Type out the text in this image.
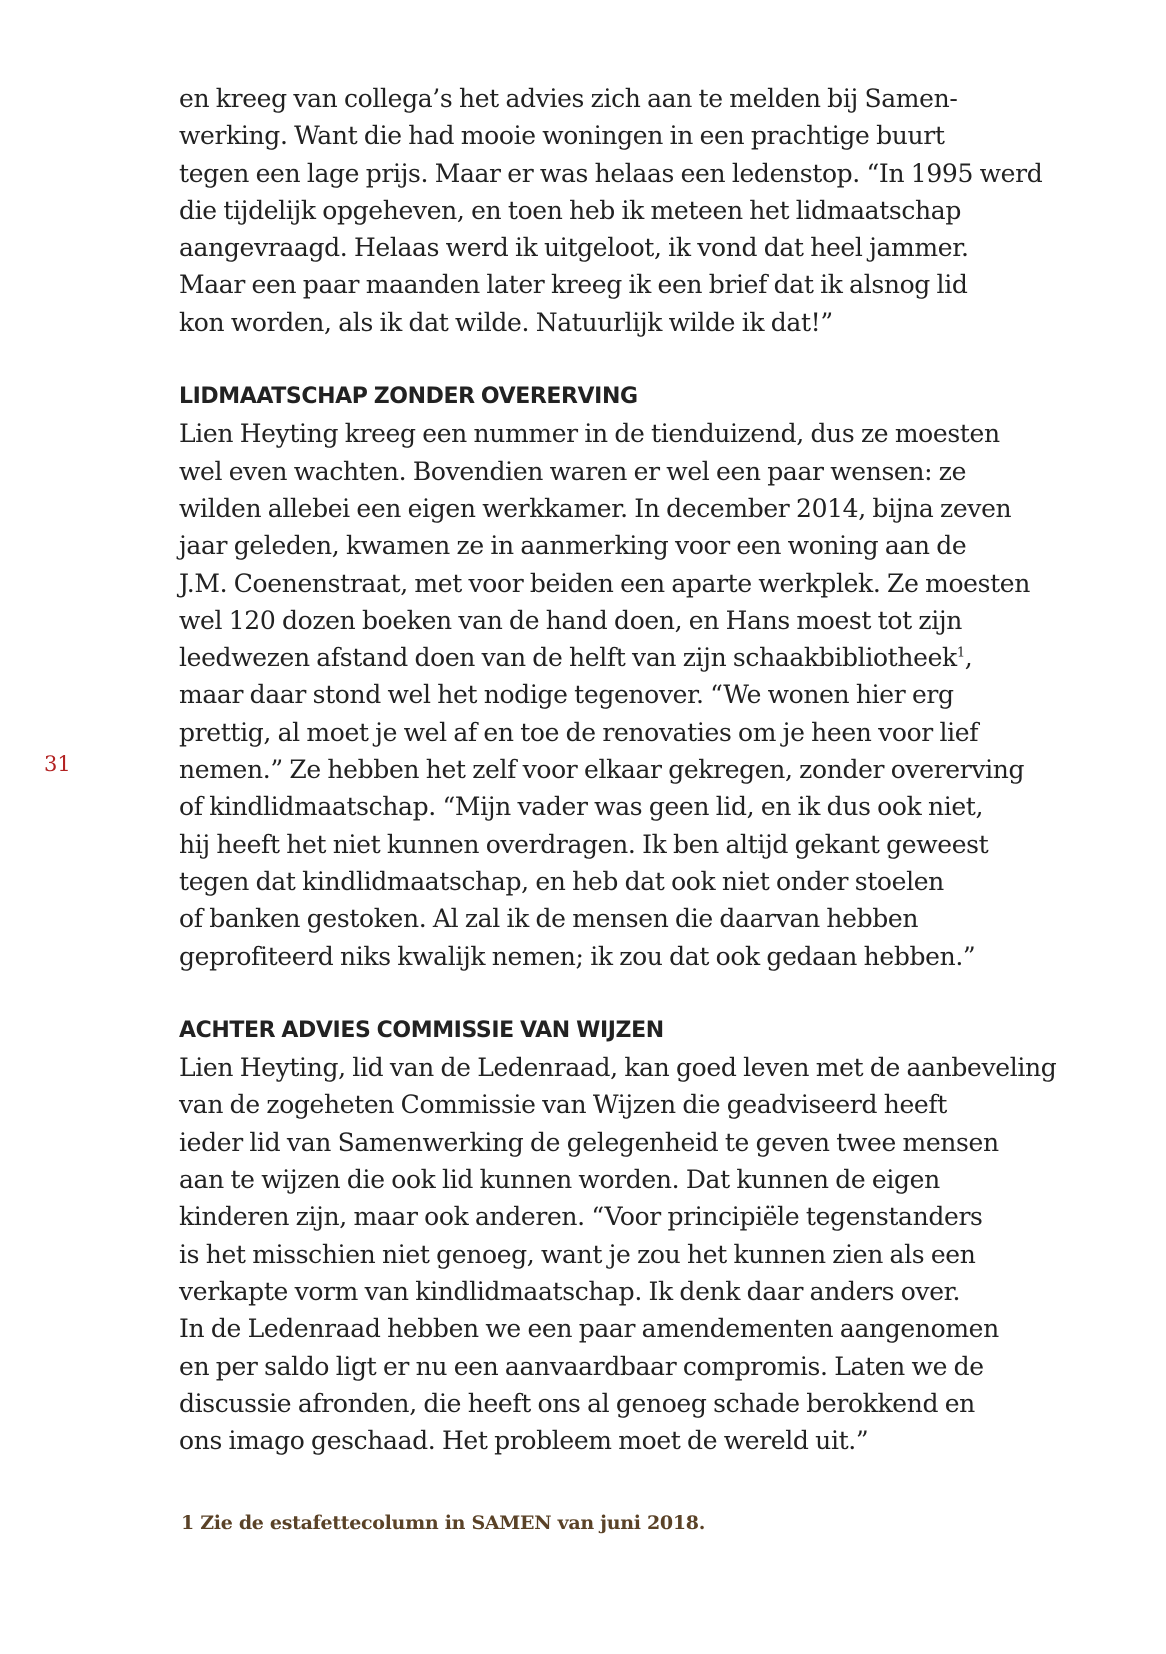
31
en kreeg van collega’s het advies zich aan te melden bij Samen-
werking. Want die had mooie woningen in een prachtige buurt
tegen een lage prijs. Maar er was helaas een ledenstop. “In 1995 werd
die tijdelijk opgeheven, en toen heb ik meteen het lidmaatschap
aangevraagd. Helaas werd ik uitgeloot, ik vond dat heel jammer.
Maar een paar maanden later kreeg ik een brief dat ik alsnog lid
kon worden, als ik dat wilde. Natuurlijk wilde ik dat!”
LIDMAATSCHAP ZONDER OVERERVING
Lien Heyting kreeg een nummer in de tienduizend, dus ze moesten
wel even wachten. Bovendien waren er wel een paar wensen: ze
wilden allebei een eigen werkkamer. In december 2014, bijna zeven
jaar geleden, kwamen ze in aanmerking voor een woning aan de
J.M. Coenenstraat, met voor beiden een aparte werkplek. Ze moesten
wel 120 dozen boeken van de hand doen, en Hans moest tot zijn
leedwezen afstand doen van de helft van zijn schaakbibliotheek$^1$,
maar daar stond wel het nodige tegenover. “We wonen hier erg
prettig, al moet je wel af en toe de renovaties om je heen voor lief
nemen.” Ze hebben het zelf voor elkaar gekregen, zonder overerving
of kindlidmaatschap. “Mijn vader was geen lid, en ik dus ook niet,
hij heeft het niet kunnen overdragen. Ik ben altijd gekant geweest
tegen dat kindlidmaatschap, en heb dat ook niet onder stoelen
of banken gestoken. Al zal ik de mensen die daarvan hebben
geprofiteerd niks kwalijk nemen; ik zou dat ook gedaan hebben.”
ACHTER ADVIES COMMISSIE VAN WIJZEN
Lien Heyting, lid van de Ledenraad, kan goed leven met de aanbeveling
van de zogeheten Commissie van Wijzen die geadviseerd heeft
ieder lid van Samenwerking de gelegenheid te geven twee mensen
aan te wijzen die ook lid kunnen worden. Dat kunnen de eigen
kinderen zijn, maar ook anderen. “Voor principiële tegenstanders
is het misschien niet genoeg, want je zou het kunnen zien als een
verkapte vorm van kindlidmaatschap. Ik denk daar anders over.
In de Ledenraad hebben we een paar amendementen aangenomen
en per saldo ligt er nu een aanvaardbaar compromis. Laten we de
discussie afronden, die heeft ons al genoeg schade berokkend en
ons imago geschaad. Het probleem moet de wereld uit.”
1 Zie de estafettecolumn in SAMEN van juni 2018.
